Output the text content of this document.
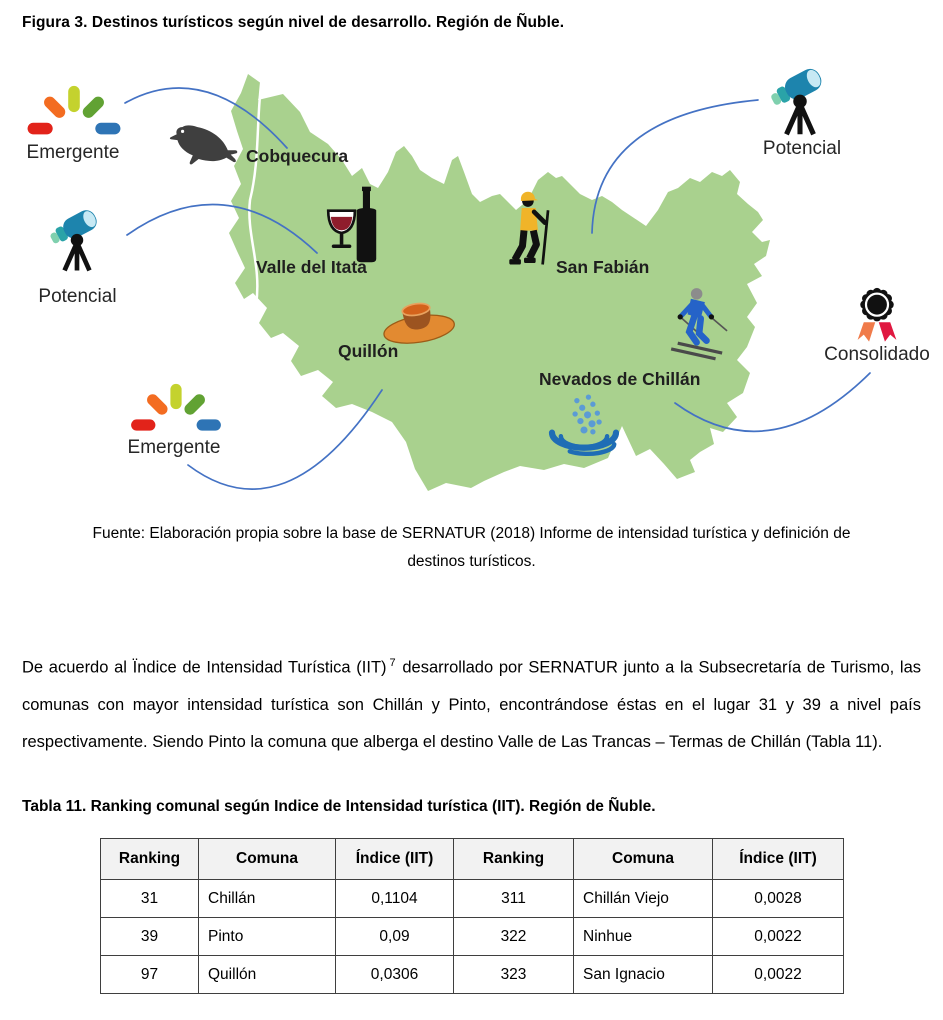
Figura 3. Destinos turísticos según nivel de desarrollo. Región de Ñuble.
Emergente	Cobquecura
Potencial
Valle del Itata	San Fabián
Potencial
Quillón	Consolidado
Nevados de Chillán
Emergente
Fuente: Elaboración propia sobre la base de SERNATUR (2018) Informe de intensidad turística y definición de
destinos turísticos.
De acuerdo al Ïndice de Intensidad Turística (IIT) $^7$ desarrollado por SERNATUR junto a la Subsecretaría de Turismo, las comunas con mayor intensidad turística son Chillán y Pinto, encontrándose éstas en el lugar 31 y 39 a nivel país respectivamente. Siendo Pinto la comuna que alberga el destino Valle de Las Trancas – Termas de Chillán (Tabla 11).
Tabla 11. Ranking comunal según Indice de Intensidad turística (IIT). Región de Ñuble.
Ranking	Comuna	Índice (IIT)	Ranking	Comuna	Índice (IIT)
31	Chillán	0,1104	311	Chillán Viejo	0,0028
39	Pinto	0,09	322	Ninhue	0,0022
97	Quillón	0,0306	323	San Ignacio	0,0022
